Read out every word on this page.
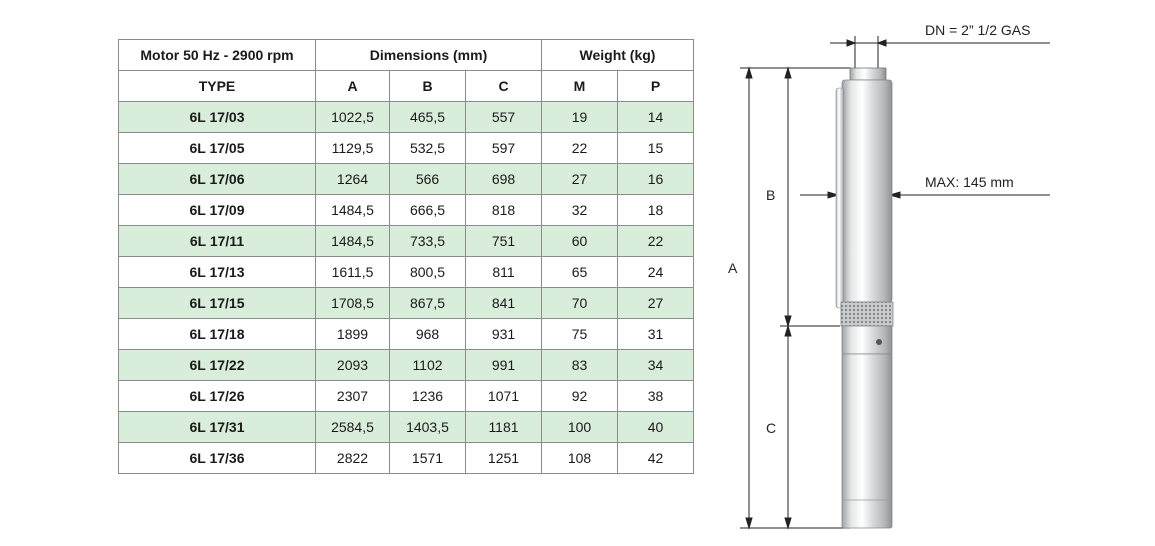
Motor 50 Hz - 2900 rpm	Dimensions (mm)			Weight (kg)	
TYPE	A	B	C	M	P
6L 17/03	1022,5	465,5	557	19	14
6L 17/05	1129,5	532,5	597	22	15
6L 17/06	1264	566	698	27	16
6L 17/09	1484,5	666,5	818	32	18
6L 17/11	1484,5	733,5	751	60	22
6L 17/13	1611,5	800,5	811	65	24
6L 17/15	1708,5	867,5	841	70	27
6L 17/18	1899	968	931	75	31
6L 17/22	2093	1102	991	83	34
6L 17/26	2307	1236	1071	92	38
6L 17/31	2584,5	1403,5	1181	100	40
6L 17/36	2822	1571	1251	108	42
DN = 2” 1/2 GAS
MAX: 145 mm
A
B
C
